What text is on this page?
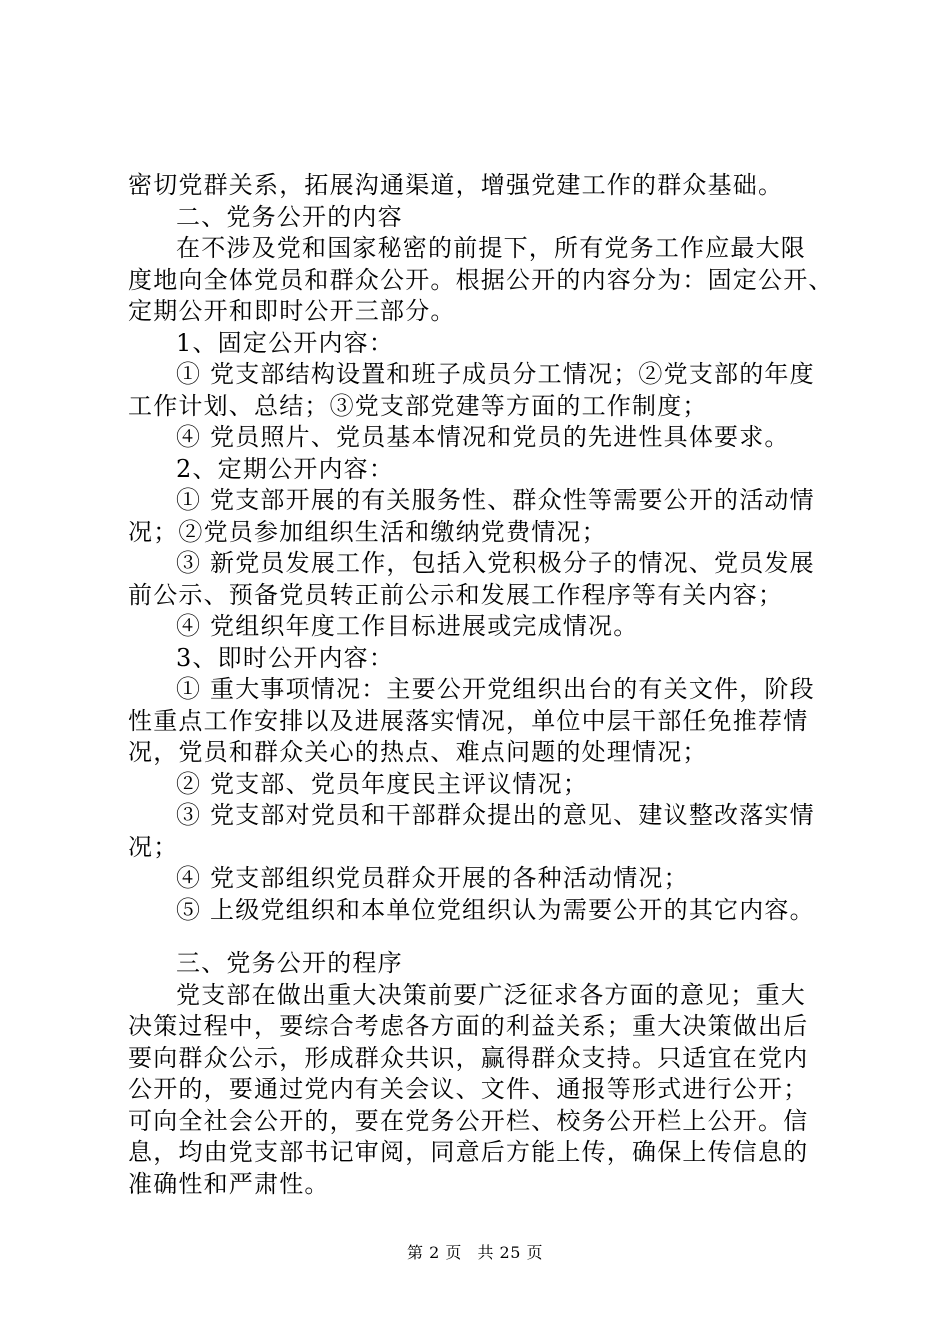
密切党群关系，拓展沟通渠道，增强党建工作的群众基础。
二、党务公开的内容
在不涉及党和国家秘密的前提下，所有党务工作应最大限
度地向全体党员和群众公开。根据公开的内容分为：固定公开、
定期公开和即时公开三部分。
1、固定公开内容：
① 党支部结构设置和班子成员分工情况；②党支部的年度
工作计划、总结；③党支部党建等方面的工作制度；
④ 党员照片、党员基本情况和党员的先进性具体要求。
2、定期公开内容：
① 党支部开展的有关服务性、群众性等需要公开的活动情
况；②党员参加组织生活和缴纳党费情况；
③ 新党员发展工作，包括入党积极分子的情况、党员发展
前公示、预备党员转正前公示和发展工作程序等有关内容；
④ 党组织年度工作目标进展或完成情况。
3、即时公开内容：
① 重大事项情况：主要公开党组织出台的有关文件，阶段
性重点工作安排以及进展落实情况，单位中层干部任免推荐情
况，党员和群众关心的热点、难点问题的处理情况；
② 党支部、党员年度民主评议情况；
③ 党支部对党员和干部群众提出的意见、建议整改落实情
况；
④ 党支部组织党员群众开展的各种活动情况；
⑤ 上级党组织和本单位党组织认为需要公开的其它内容。
三、党务公开的程序
党支部在做出重大决策前要广泛征求各方面的意见；重大
决策过程中，要综合考虑各方面的利益关系；重大决策做出后
要向群众公示，形成群众共识，赢得群众支持。只适宜在党内
公开的，要通过党内有关会议、文件、通报等形式进行公开；
可向全社会公开的，要在党务公开栏、校务公开栏上公开。信
息，均由党支部书记审阅，同意后方能上传，确保上传信息的
准确性和严肃性。
第 2 页 共 25 页
